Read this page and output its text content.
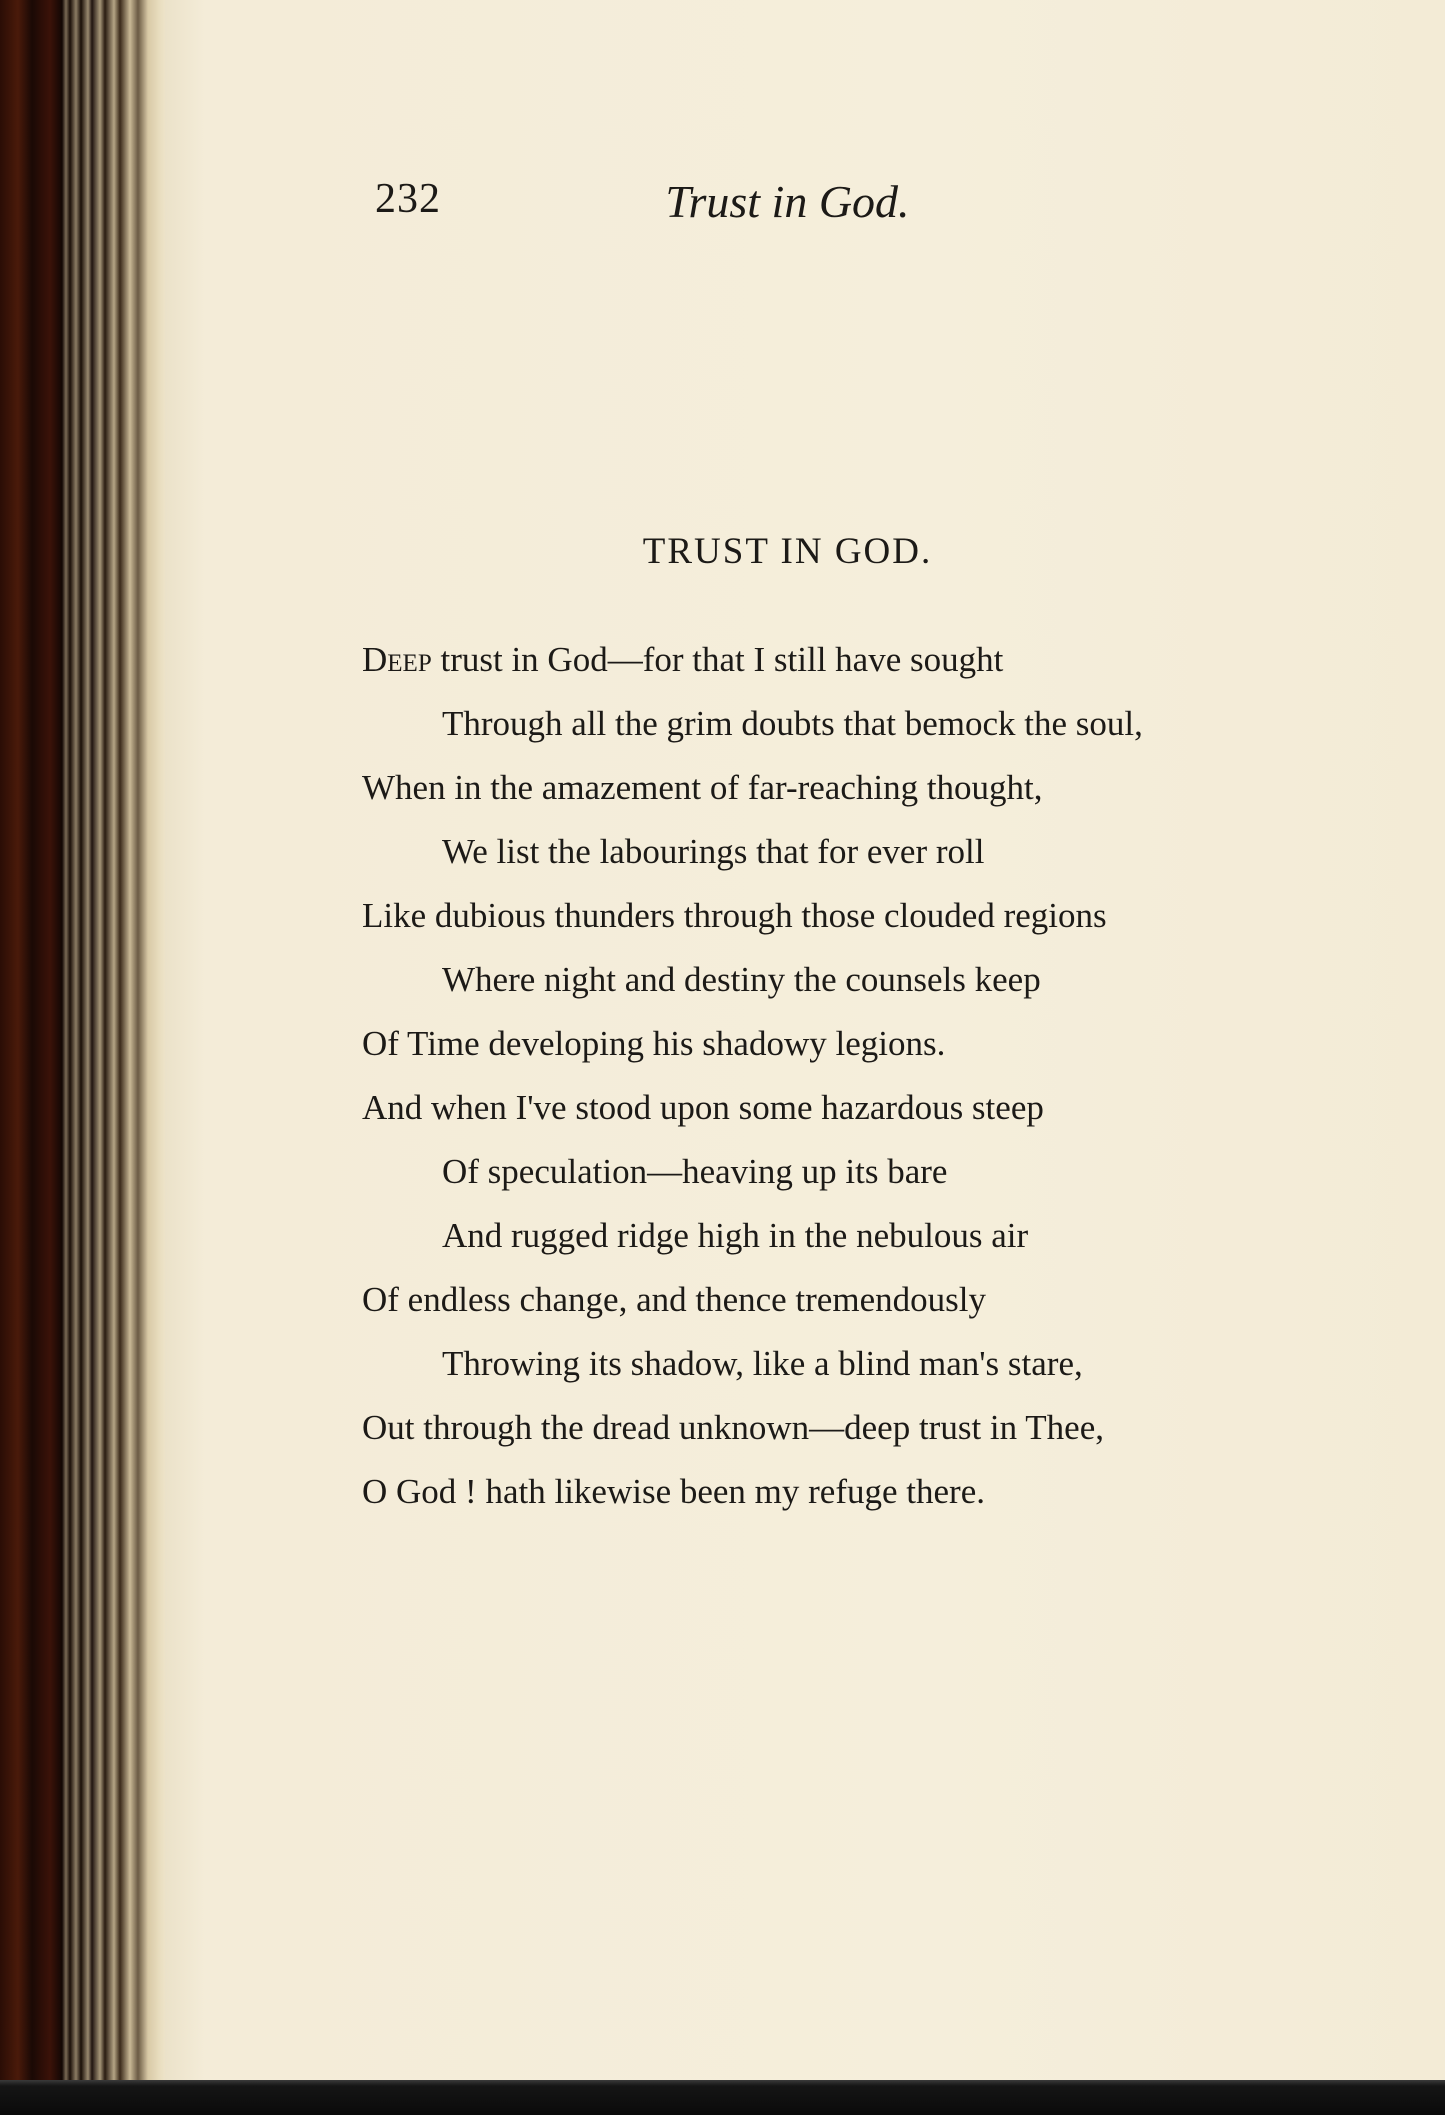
232	Trust in God.
TRUST IN GOD.
Deep trust in God—for that I still have sought
Through all the grim doubts that bemock the soul,
When in the amazement of far-reaching thought,
We list the labourings that for ever roll
Like dubious thunders through those clouded regions
Where night and destiny the counsels keep
Of Time developing his shadowy legions.
And when I've stood upon some hazardous steep
Of speculation—heaving up its bare
And rugged ridge high in the nebulous air
Of endless change, and thence tremendously
Throwing its shadow, like a blind man's stare,
Out through the dread unknown—deep trust in Thee,
O God ! hath likewise been my refuge there.
